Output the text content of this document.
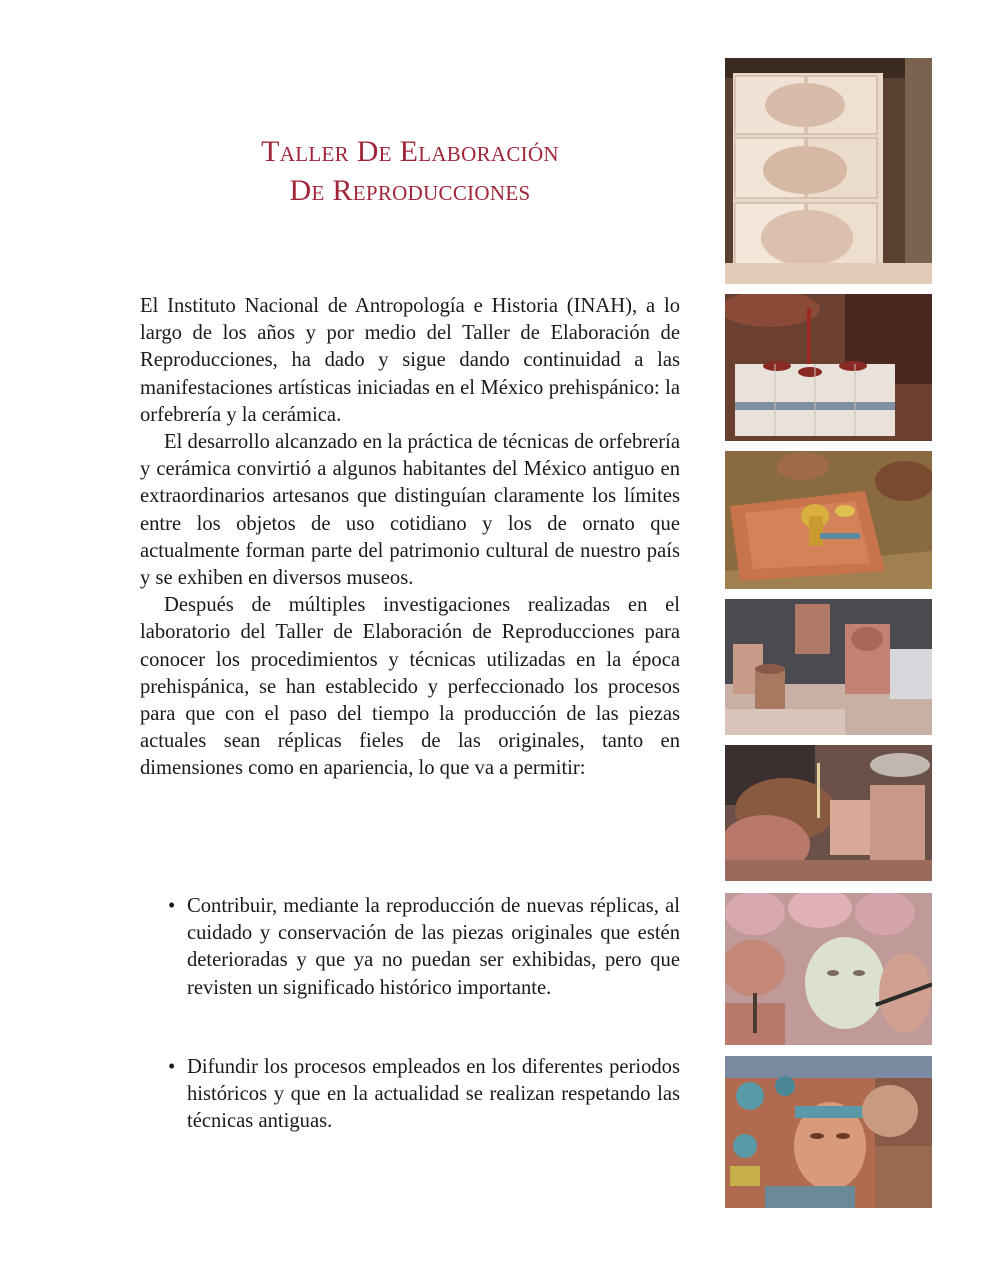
Taller De Elaboración
De Reproducciones

El Instituto Nacional de Antropología e Historia (INAH), a lo largo de los años y por medio del Taller de Elaboración de Reproducciones, ha dado y sigue dando continuidad a las manifestaciones artísticas iniciadas en el México prehispánico: la orfebrería y la cerámica.

El desarrollo alcanzado en la práctica de técnicas de orfebrería y cerámica convirtió a algunos habitantes del México antiguo en extraordinarios artesanos que distinguían claramente los límites entre los objetos de uso cotidiano y los de ornato que actualmente forman parte del patrimonio cultural de nuestro país y se exhiben en diversos museos.

Después de múltiples investigaciones realizadas en el laboratorio del Taller de Elaboración de Reproducciones para conocer los procedimientos y técnicas utilizadas en la época prehispánica, se han establecido y perfeccionado los procesos para que con el paso del tiempo la producción de las piezas actuales sean réplicas fieles de las originales, tanto en dimensiones como en apariencia, lo que va a permitir:

• Contribuir, mediante la reproducción de nuevas réplicas, al cuidado y conservación de las piezas originales que estén deterioradas y que ya no puedan ser exhibidas, pero que revisten un significado histórico importante.
• Difundir los procesos empleados en los diferentes periodos históricos y que en la actualidad se realizan respetando las técnicas antiguas.
